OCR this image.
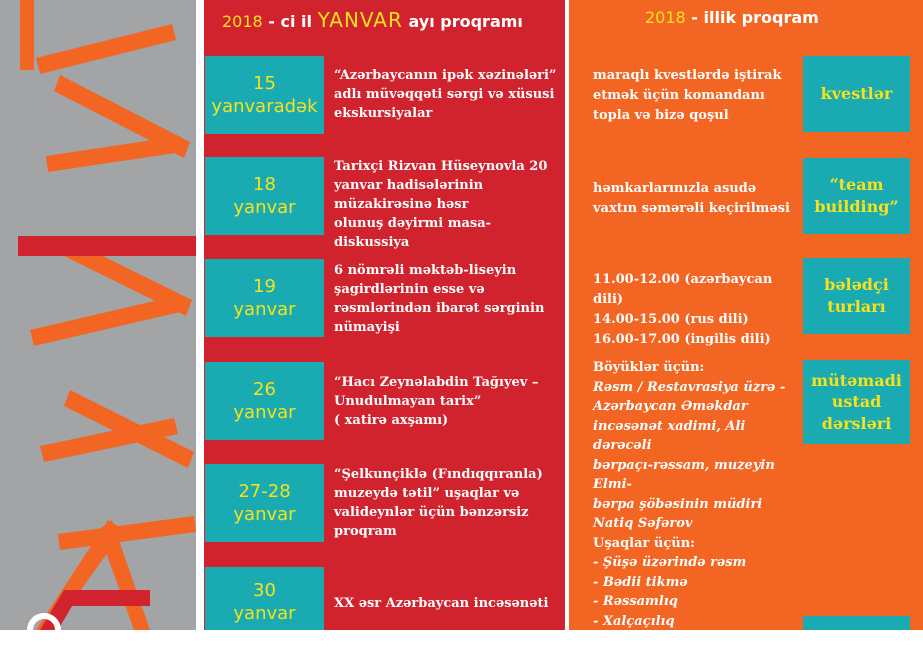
2018 - ci il YANVAR ayı proqramı	2018 - illik proqram
15
yanvaradək
18
yanvar
19
yanvar
26
yanvar
27-28
yanvar
30
yanvar
“Azərbaycanın ipək xəzinələri”
adlı müvəqqəti sərgi və xüsusi
ekskursiyalar
Tarixçi Rizvan Hüseynovla 20
yanvar hadisələrinin
müzakirəsinə həsr
olunuş dəyirmi masa-diskussiya
6 nömrəli məktəb-liseyin
şagirdlərinin esse və
rəsmlərindən ibarət sərginin
nümayişi
“Hacı Zeynəlabdin Tağıyev –
Unudulmayan tarix”
( xatirə axşamı)
“Şelkunçiklə (Fındıqqıranla)
muzeydə tətil” uşaqlar və
valideynlər üçün bənzərsiz
proqram
XX əsr Azərbaycan incəsənəti
maraqlı kvestlərdə iştirak
etmək üçün komandanı
topla və bizə qoşul
həmkarlarınızla asudə
vaxtın səmərəli keçirilməsi
11.00-12.00 (azərbaycan dili)
14.00-15.00 (rus dili)
16.00-17.00 (ingilis dili)
Böyüklər üçün:
Rəsm / Restavrasiya üzrə -
Azərbaycan Əməkdar
incəsənət xadimi, Ali dərəcəli
bərpaçı-rəssam, muzeyin Elmi-
bərpa şöbəsinin müdiri
Natiq Səfərov
Uşaqlar üçün:
- Şüşə üzərində rəsm
- Bədii tikmə
- Rəssamlıq
- Xalçaçılıq
- Bələdçi ol!
- Kölgə teatrı
kvestlər
“team
building”
bələdçi
turları
mütəmadi
ustad
dərsləri
